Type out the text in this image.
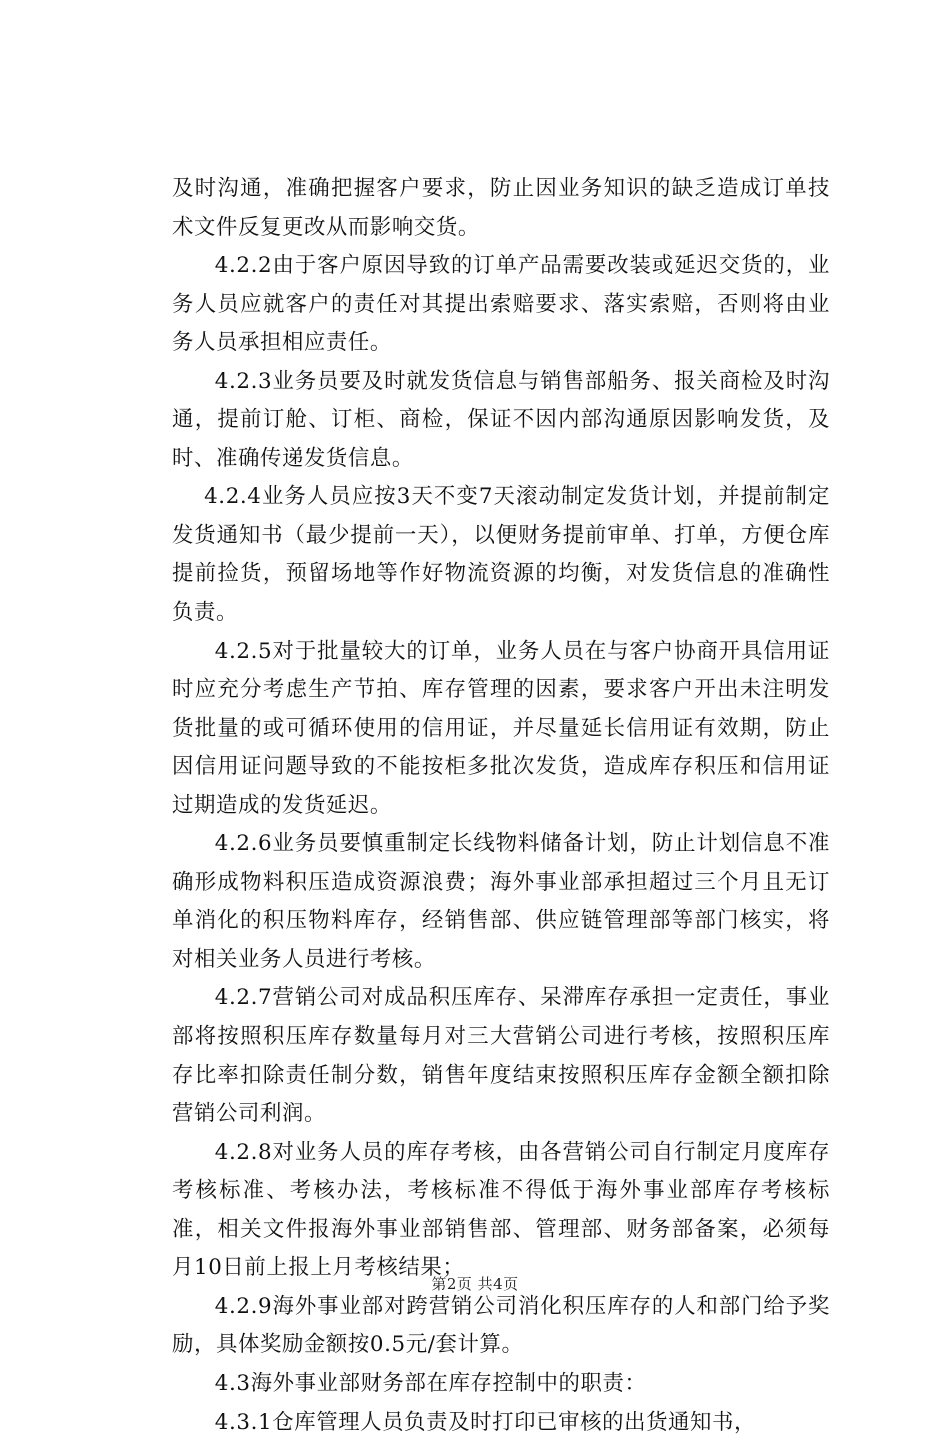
及时沟通，准确把握客户要求，防止因业务知识的缺乏造成订单技术文件反复更改从而影响交货。

4.2.2由于客户原因导致的订单产品需要改装或延迟交货的，业务人员应就客户的责任对其提出索赔要求、落实索赔，否则将由业务人员承担相应责任。

4.2.3业务员要及时就发货信息与销售部船务、报关商检及时沟通，提前订舱、订柜、商检，保证不因内部沟通原因影响发货，及时、准确传递发货信息。

4.2.4业务人员应按3天不变7天滚动制定发货计划，并提前制定发货通知书（最少提前一天），以便财务提前审单、打单，方便仓库提前捡货，预留场地等作好物流资源的均衡，对发货信息的准确性负责。

4.2.5对于批量较大的订单，业务人员在与客户协商开具信用证时应充分考虑生产节拍、库存管理的因素，要求客户开出未注明发货批量的或可循环使用的信用证，并尽量延长信用证有效期，防止因信用证问题导致的不能按柜多批次发货，造成库存积压和信用证过期造成的发货延迟。

4.2.6业务员要慎重制定长线物料储备计划，防止计划信息不准确形成物料积压造成资源浪费；海外事业部承担超过三个月且无订单消化的积压物料库存，经销售部、供应链管理部等部门核实，将对相关业务人员进行考核。

4.2.7营销公司对成品积压库存、呆滞库存承担一定责任，事业部将按照积压库存数量每月对三大营销公司进行考核，按照积压库存比率扣除责任制分数，销售年度结束按照积压库存金额全额扣除营销公司利润。

4.2.8对业务人员的库存考核，由各营销公司自行制定月度库存考核标准、考核办法，考核标准不得低于海外事业部库存考核标准，相关文件报海外事业部销售部、管理部、财务部备案，必须每月10日前上报上月考核结果；

4.2.9海外事业部对跨营销公司消化积压库存的人和部门给予奖励，具体奖励金额按0.5元/套计算。

4.3海外事业部财务部在库存控制中的职责：

4.3.1仓库管理人员负责及时打印已审核的出货通知书，

第2页 共4页
